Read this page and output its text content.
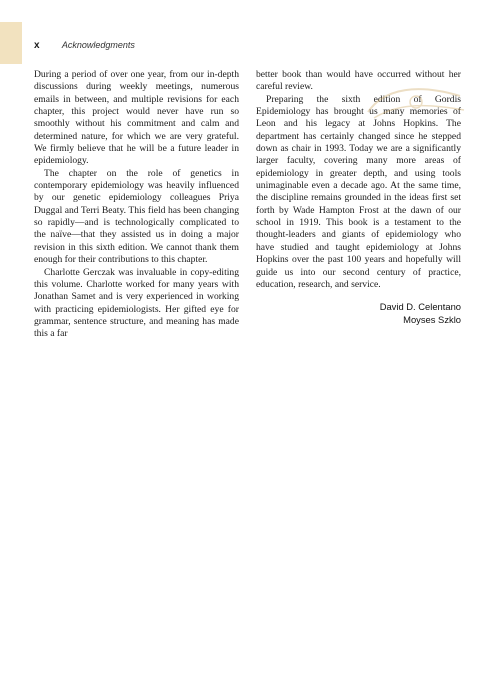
x Acknowledgments

During a period of over one year, from our in-depth discussions during weekly meetings, numerous emails in between, and multiple revisions for each chapter, this project would never have run so smoothly without his commitment and calm and determined nature, for which we are very grateful. We firmly believe that he will be a future leader in epidemiology.

The chapter on the role of genetics in contemporary epidemiology was heavily influenced by our genetic epidemiology colleagues Priya Duggal and Terri Beaty. This field has been changing so rapidly—and is technologically complicated to the naïve—that they assisted us in doing a major revision in this sixth edition. We cannot thank them enough for their contributions to this chapter.

Charlotte Gerczak was invaluable in copy-editing this volume. Charlotte worked for many years with Jonathan Samet and is very experienced in working with practicing epidemiologists. Her gifted eye for grammar, sentence structure, and meaning has made this a far

better book than would have occurred without her careful review.

Preparing the sixth edition of Gordis Epidemiology has brought us many memories of Leon and his legacy at Johns Hopkins. The department has certainly changed since he stepped down as chair in 1993. Today we are a significantly larger faculty, covering many more areas of epidemiology in greater depth, and using tools unimaginable even a decade ago. At the same time, the discipline remains grounded in the ideas first set forth by Wade Hampton Frost at the dawn of our school in 1919. This book is a testament to the thought-leaders and giants of epidemiology who have studied and taught epidemiology at Johns Hopkins over the past 100 years and hopefully will guide us into our second century of practice, education, research, and service.

David D. Celentano
Moyses Szklo
